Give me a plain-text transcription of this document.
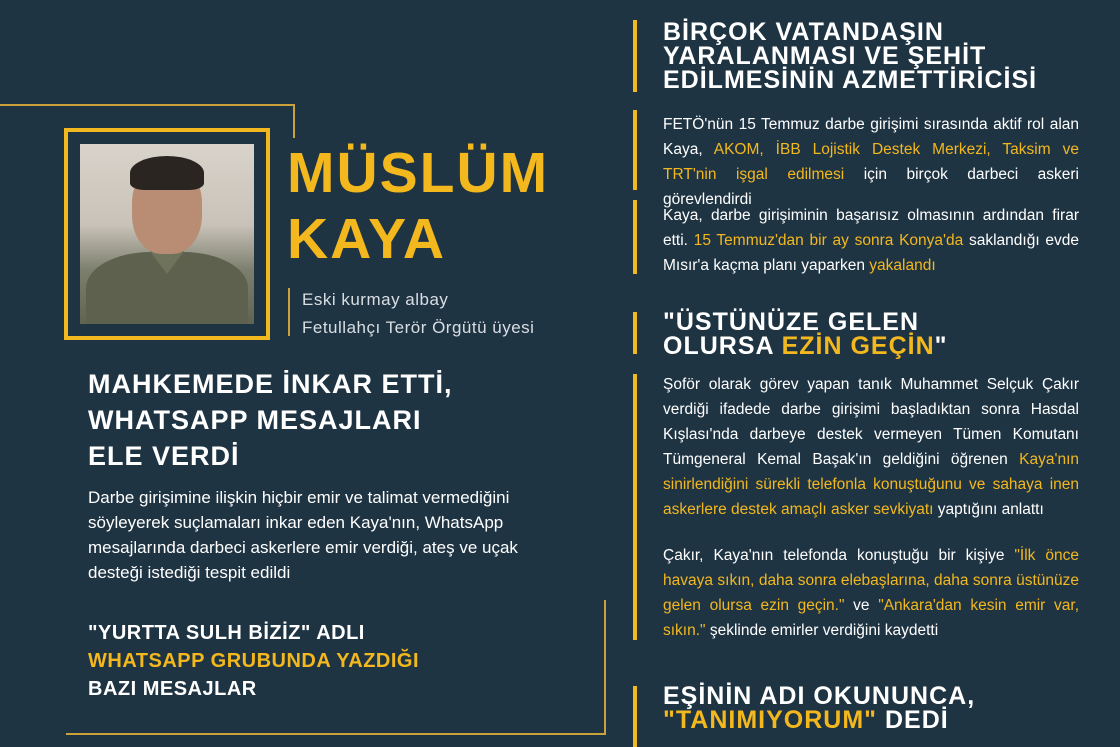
MÜSLÜM
KAYA
Eski kurmay albay
Fetullahçı Terör Örgütü üyesi
MAHKEMEDE İNKAR ETTİ,
WHATSAPP MESAJLARI
ELE VERDİ
Darbe girişimine ilişkin hiçbir emir ve talimat vermediğini söyleyerek suçlamaları inkar eden Kaya'nın, WhatsApp mesajlarında darbeci askerlere emir verdiği, ateş ve uçak desteği istediği tespit edildi
"YURTTA SULH BİZİZ" ADLI
WHATSAPP GRUBUNDA YAZDIĞI
BAZI MESAJLAR
BİRÇOK VATANDAŞIN
YARALANMASI VE ŞEHİT
EDİLMESİNİN AZMETTİRİCİSİ
FETÖ'nün 15 Temmuz darbe girişimi sırasında aktif rol alan Kaya, AKOM, İBB Lojistik Destek Merkezi, Taksim ve TRT'nin işgal edilmesi için birçok darbeci askeri görevlendirdi
Kaya, darbe girişiminin başarısız olmasının ardından firar etti. 15 Temmuz'dan bir ay sonra Konya'da saklandığı evde Mısır'a kaçma planı yaparken yakalandı
"ÜSTÜNÜZE GELEN
OLURSA EZİN GEÇİN"
Şoför olarak görev yapan tanık Muhammet Selçuk Çakır verdiği ifadede darbe girişimi başladıktan sonra Hasdal Kışlası'nda darbeye destek vermeyen Tümen Komutanı Tümgeneral Kemal Başak'ın geldiğini öğrenen Kaya'nın sinirlendiğini sürekli telefonla konuştuğunu ve sahaya inen askerlere destek amaçlı asker sevkiyatı yaptığını anlattı
Çakır, Kaya'nın telefonda konuştuğu bir kişiye "İlk önce havaya sıkın, daha sonra elebaşlarına, daha sonra üstünüze gelen olursa ezin geçin." ve "Ankara'dan kesin emir var, sıkın." şeklinde emirler verdiğini kaydetti
EŞİNİN ADI OKUNUNCA,
"TANIMIYORUM" DEDİ
